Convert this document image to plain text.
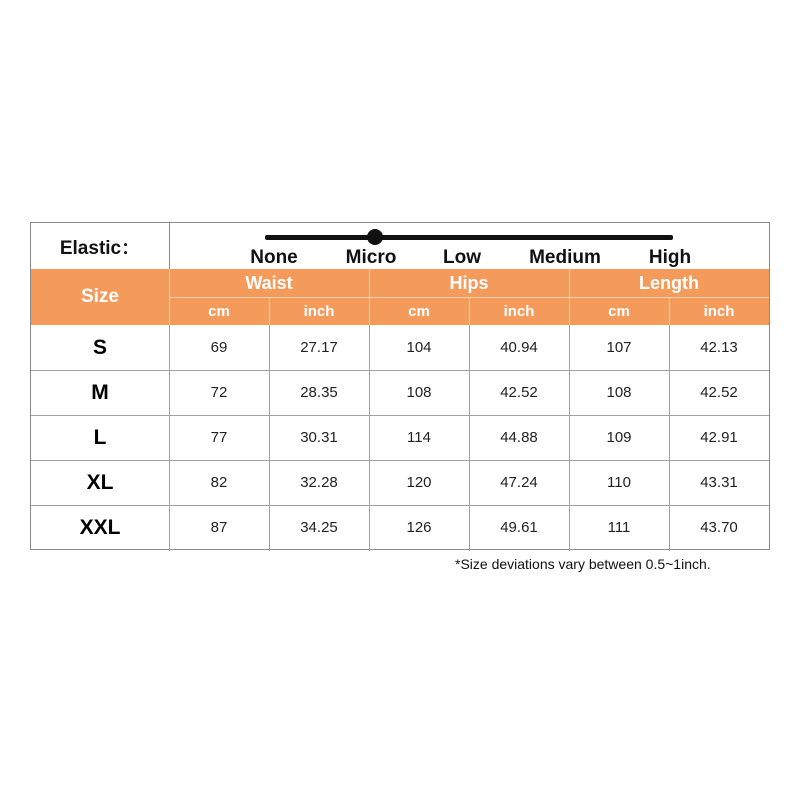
Elastic：	None	Micro Low	Medium	High
Size
Waist	Hips	Length
cm	inch	cm	inch	cm	inch
S	69	27.17	104	40.94	107	42.13
M	72	28.35	108	42.52	108	42.52
L	77	30.31	114	44.88	109	42.91
XL	82	32.28	120	47.24	110	43.31
XXL	87	34.25	126	49.61	111	43.70
*Size deviations vary between 0.5~1inch.
